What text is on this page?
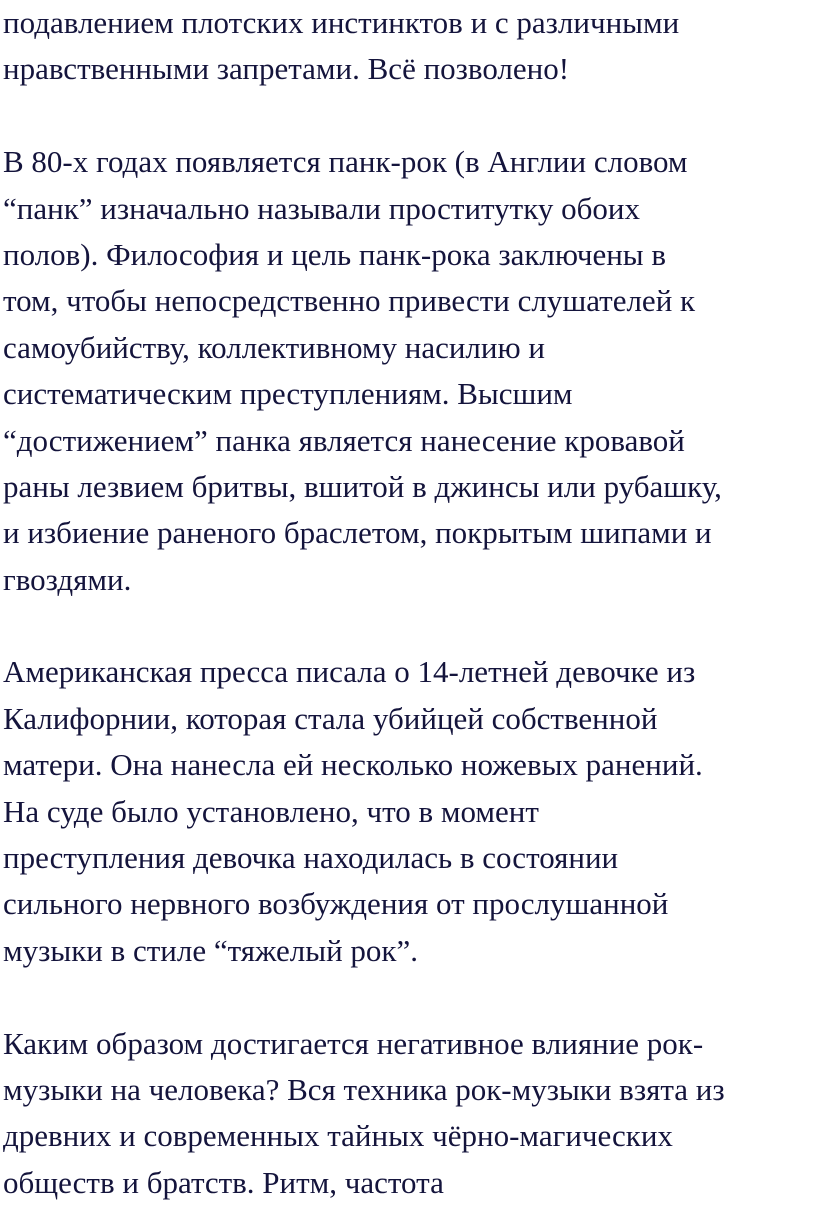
подавлением плотских инстинктов и с различными
нравственными запретами. Всё позволено!
В 80-х годах появляется панк-рок (в Англии словом
“панк” изначально называли проститутку обоих
полов). Философия и цель панк-рока заключены в
том, чтобы непосредственно привести слушателей к
самоубийству, коллективному насилию и
систематическим преступлениям. Высшим
“достижением” панка является нанесение кровавой
раны лезвием бритвы, вшитой в джинсы или рубашку,
и избиение раненого браслетом, покрытым шипами и
гвоздями.
Американская пресса писала о 14-летней девочке из
Калифорнии, которая стала убийцей собственной
матери. Она нанесла ей несколько ножевых ранений.
На суде было установлено, что в момент
преступления девочка находилась в состоянии
сильного нервного возбуждения от прослушанной
музыки в стиле “тяжелый рок”.
Каким образом достигается негативное влияние рок-
музыки на человека? Вся техника рок-музыки взята из
древних и современных тайных чёрно-магических
обществ и братств. Ритм, частота
